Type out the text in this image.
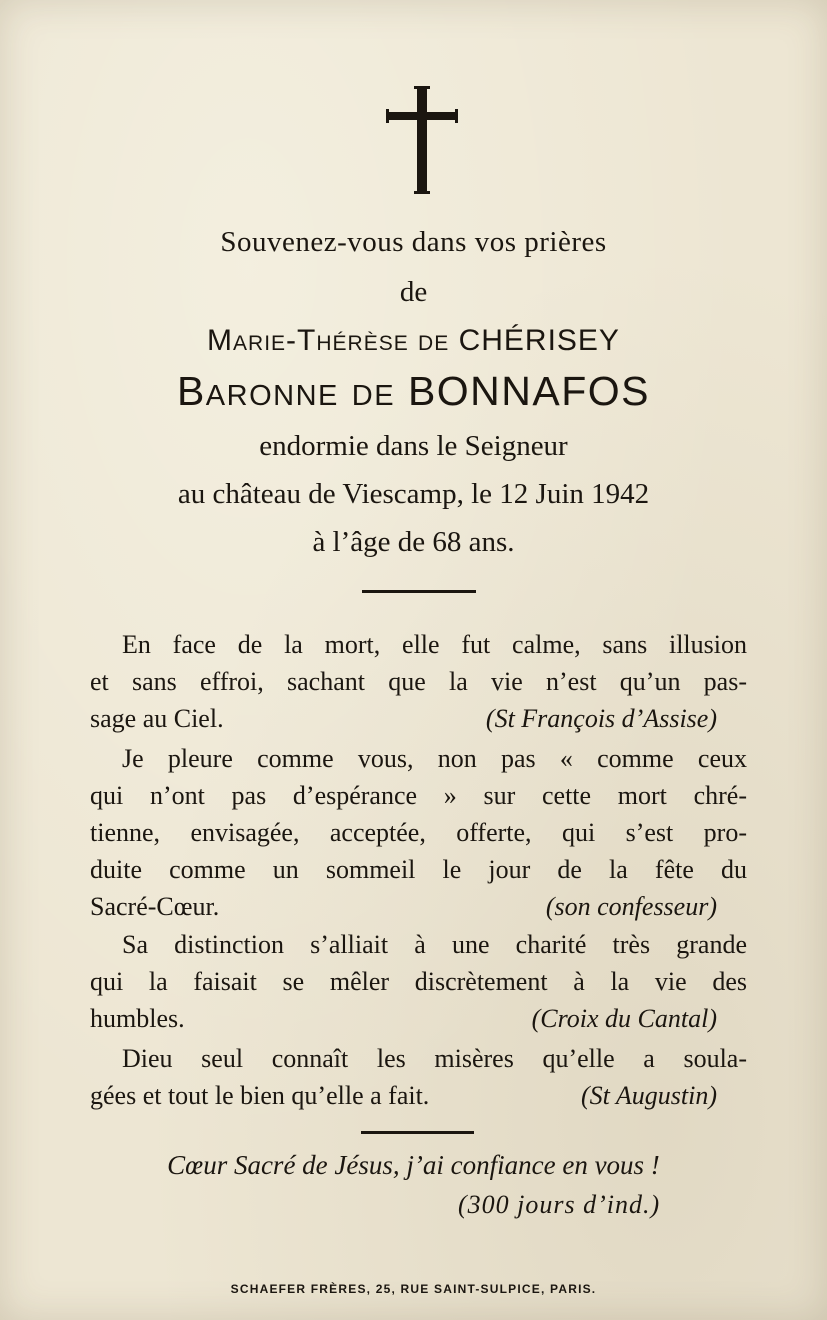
Souvenez-vous dans vos prières
de
Marie-Thérèse de CHÉRISEY
Baronne de BONNAFOS
endormie dans le Seigneur
au château de Viescamp, le 12 Juin 1942
à l’âge de 68 ans.
En face de la mort, elle fut calme, sans illusion
et sans effroi, sachant que la vie n’est qu’un pas-
sage au Ciel.	(St François d’Assise)
Je pleure comme vous, non pas « comme ceux
qui n’ont pas d’espérance » sur cette mort chré-
tienne, envisagée, acceptée, offerte, qui s’est pro-
duite comme un sommeil le jour de la fête du
Sacré-Cœur.	(son confesseur)
Sa distinction s’alliait à une charité très grande
qui la faisait se mêler discrètement à la vie des
humbles.	(Croix du Cantal)
Dieu seul connaît les misères qu’elle a soula-
gées et tout le bien qu’elle a fait.	(St Augustin)
Cœur Sacré de Jésus, j’ai confiance en vous !
(300 jours d’ind.)
SCHAEFER FRÈRES, 25, RUE SAINT-SULPICE, PARIS.
